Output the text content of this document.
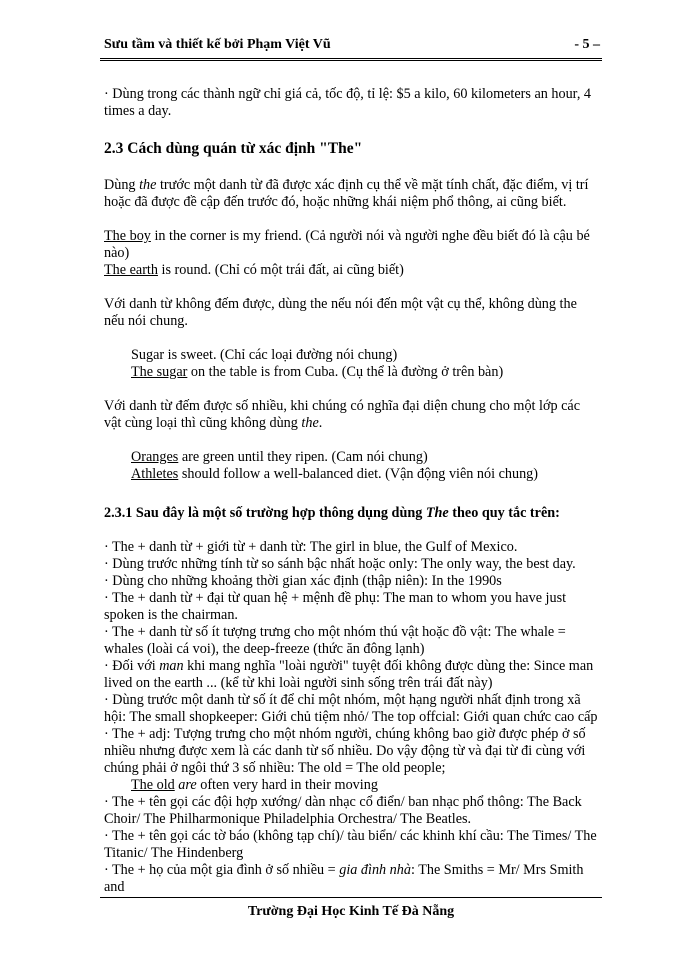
Sưu tầm và thiết kế bởi Phạm Việt Vũ	- 5 –

· Dùng trong các thành ngữ chỉ giá cả, tốc độ, tỉ lệ: $5 a kilo, 60 kilometers an hour, 4 times a day.

2.3 Cách dùng quán từ xác định "The"

Dùng the trước một danh từ đã được xác định cụ thể về mặt tính chất, đặc điểm, vị trí hoặc đã được đề cập đến trước đó, hoặc những khái niệm phổ thông, ai cũng biết.

The boy in the corner is my friend. (Cả người nói và người nghe đều biết đó là cậu bé nào)

The earth is round. (Chỉ có một trái đất, ai cũng biết)

Với danh từ không đếm được, dùng the nếu nói đến một vật cụ thể, không dùng the nếu nói chung.

Sugar is sweet. (Chỉ các loại đường nói chung)

The sugar on the table is from Cuba. (Cụ thể là đường ở trên bàn)

Với danh từ đếm được số nhiều, khi chúng có nghĩa đại diện chung cho một lớp các vật cùng loại thì cũng không dùng the.

Oranges are green until they ripen. (Cam nói chung)

Athletes should follow a well-balanced diet. (Vận động viên nói chung)

2.3.1 Sau đây là một số trường hợp thông dụng dùng The theo quy tắc trên:

· The + danh từ + giới từ + danh từ: The girl in blue, the Gulf of Mexico.

· Dùng trước những tính từ so sánh bậc nhất hoặc only: The only way, the best day.

· Dùng cho những khoảng thời gian xác định (thập niên): In the 1990s

· The + danh từ + đại từ quan hệ + mệnh đề phụ: The man to whom you have just spoken is the chairman.

· The + danh từ số ít tượng trưng cho một nhóm thú vật hoặc đồ vật: The whale = whales (loài cá voi), the deep-freeze (thức ăn đông lạnh)

· Đối với man khi mang nghĩa "loài người" tuyệt đối không được dùng the: Since man lived on the earth ... (kể từ khi loài người sinh sống trên trái đất này)

· Dùng trước một danh từ số ít để chỉ một nhóm, một hạng người nhất định trong xã hội: The small shopkeeper: Giới chủ tiệm nhỏ/ The top offcial: Giới quan chức cao cấp

· The + adj: Tượng trưng cho một nhóm người, chúng không bao giờ được phép ở số nhiều nhưng được xem là các danh từ số nhiều. Do vậy động từ và đại từ đi cùng với chúng phải ở ngôi thứ 3 số nhiều: The old = The old people;

The old are often very hard in their moving

· The + tên gọi các đội hợp xướng/ dàn nhạc cổ điển/ ban nhạc phổ thông: The Back Choir/ The Philharmonique Philadelphia Orchestra/ The Beatles.

· The + tên gọi các tờ báo (không tạp chí)/ tàu biển/ các khinh khí cầu: The Times/ The Titanic/ The Hindenberg

· The + họ của một gia đình ở số nhiều = gia đình nhà: The Smiths = Mr/ Mrs Smith and

Trường Đại Học Kinh Tế Đà Nẵng
